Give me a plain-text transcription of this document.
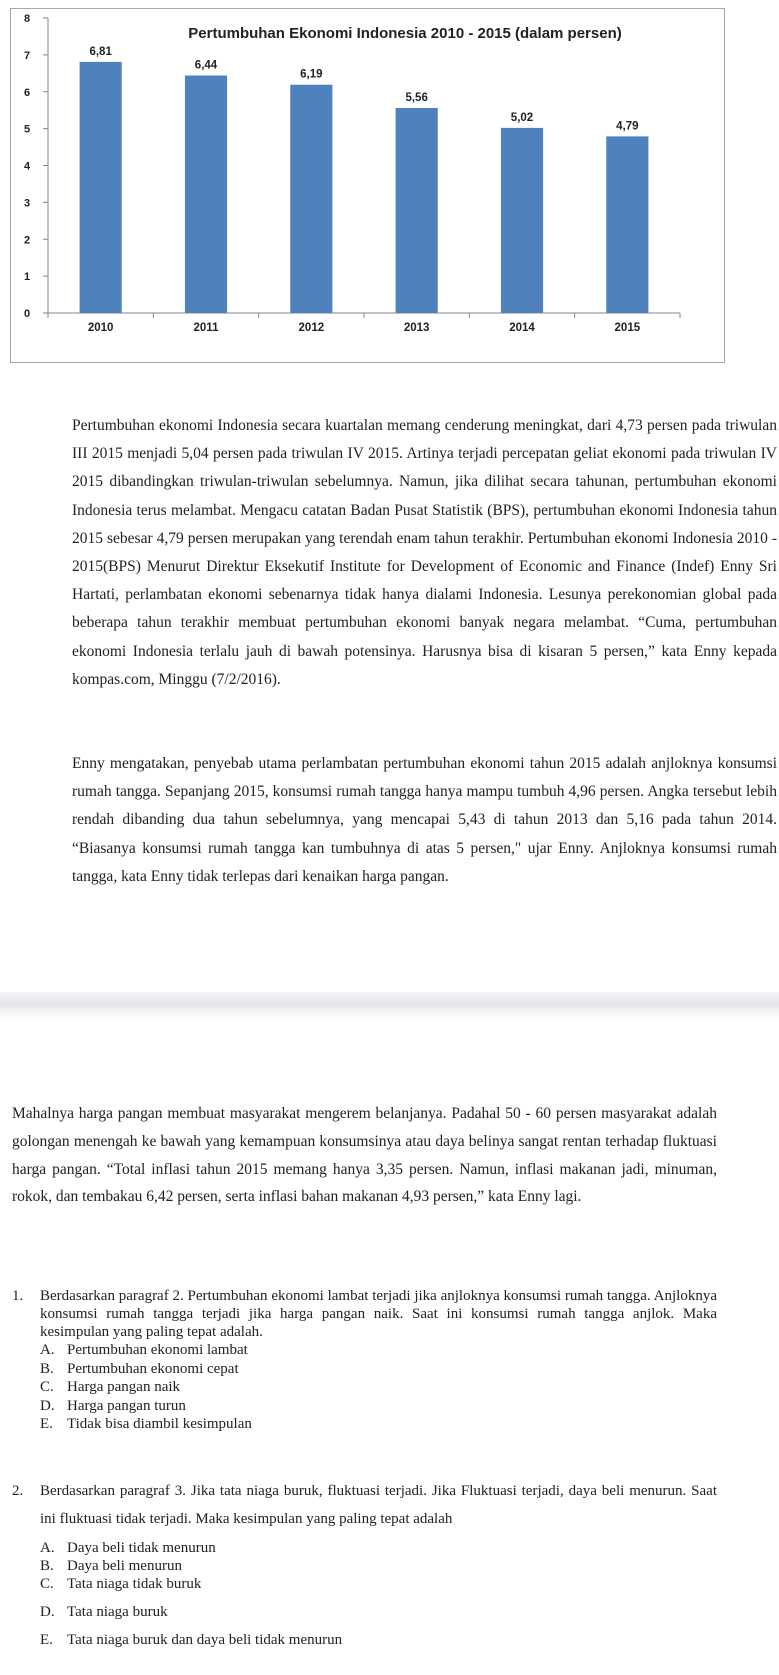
Pertumbuhan Ekonomi Indonesia 2010 - 2015 (dalam persen)
0
1
2
3
4
5
6
7
8
2010	2011	2012	2013	2014	2015
6,81
6,44
6,19
5,56
5,02
4,79

Pertumbuhan ekonomi Indonesia secara kuartalan memang cenderung meningkat, dari 4,73 persen pada triwulan III 2015 menjadi 5,04 persen pada triwulan IV 2015. Artinya terjadi percepatan geliat ekonomi pada triwulan IV 2015 dibandingkan triwulan-triwulan sebelumnya. Namun, jika dilihat secara tahunan, pertumbuhan ekonomi Indonesia terus melambat. Mengacu catatan Badan Pusat Statistik (BPS), pertumbuhan ekonomi Indonesia tahun 2015 sebesar 4,79 persen merupakan yang terendah enam tahun terakhir. Pertumbuhan ekonomi Indonesia 2010 - 2015(BPS) Menurut Direktur Eksekutif Institute for Development of Economic and Finance (Indef) Enny Sri Hartati, perlambatan ekonomi sebenarnya tidak hanya dialami Indonesia. Lesunya perekonomian global pada beberapa tahun terakhir membuat pertumbuhan ekonomi banyak negara melambat. “Cuma, pertumbuhan ekonomi Indonesia terlalu jauh di bawah potensinya. Harusnya bisa di kisaran 5 persen,” kata Enny kepada kompas.com, Minggu (7/2/2016).

Enny mengatakan, penyebab utama perlambatan pertumbuhan ekonomi tahun 2015 adalah anjloknya konsumsi rumah tangga. Sepanjang 2015, konsumsi rumah tangga hanya mampu tumbuh 4,96 persen. Angka tersebut lebih rendah dibanding dua tahun sebelumnya, yang mencapai 5,43 di tahun 2013 dan 5,16 pada tahun 2014. “Biasanya konsumsi rumah tangga kan tumbuhnya di atas 5 persen," ujar Enny. Anjloknya konsumsi rumah tangga, kata Enny tidak terlepas dari kenaikan harga pangan.

Mahalnya harga pangan membuat masyarakat mengerem belanjanya. Padahal 50 - 60 persen masyarakat adalah golongan menengah ke bawah yang kemampuan konsumsinya atau daya belinya sangat rentan terhadap fluktuasi harga pangan. “Total inflasi tahun 2015 memang hanya 3,35 persen. Namun, inflasi makanan jadi, minuman, rokok, dan tembakau 6,42 persen, serta inflasi bahan makanan 4,93 persen,” kata Enny lagi.

1.	Berdasarkan paragraf 2. Pertumbuhan ekonomi lambat terjadi jika anjloknya konsumsi rumah tangga. Anjloknya konsumsi rumah tangga terjadi jika harga pangan naik. Saat ini konsumsi rumah tangga anjlok. Maka kesimpulan yang paling tepat adalah.
A. Pertumbuhan ekonomi lambat
B. Pertumbuhan ekonomi cepat
C. Harga pangan naik
D. Harga pangan turun
E. Tidak bisa diambil kesimpulan
2.	Berdasarkan paragraf 3. Jika tata niaga buruk, fluktuasi terjadi. Jika Fluktuasi terjadi, daya beli menurun. Saat ini fluktuasi tidak terjadi. Maka kesimpulan yang paling tepat adalah
A. Daya beli tidak menurun
B. Daya beli menurun
C. Tata niaga tidak buruk
D. Tata niaga buruk
E. Tata niaga buruk dan daya beli tidak menurun
